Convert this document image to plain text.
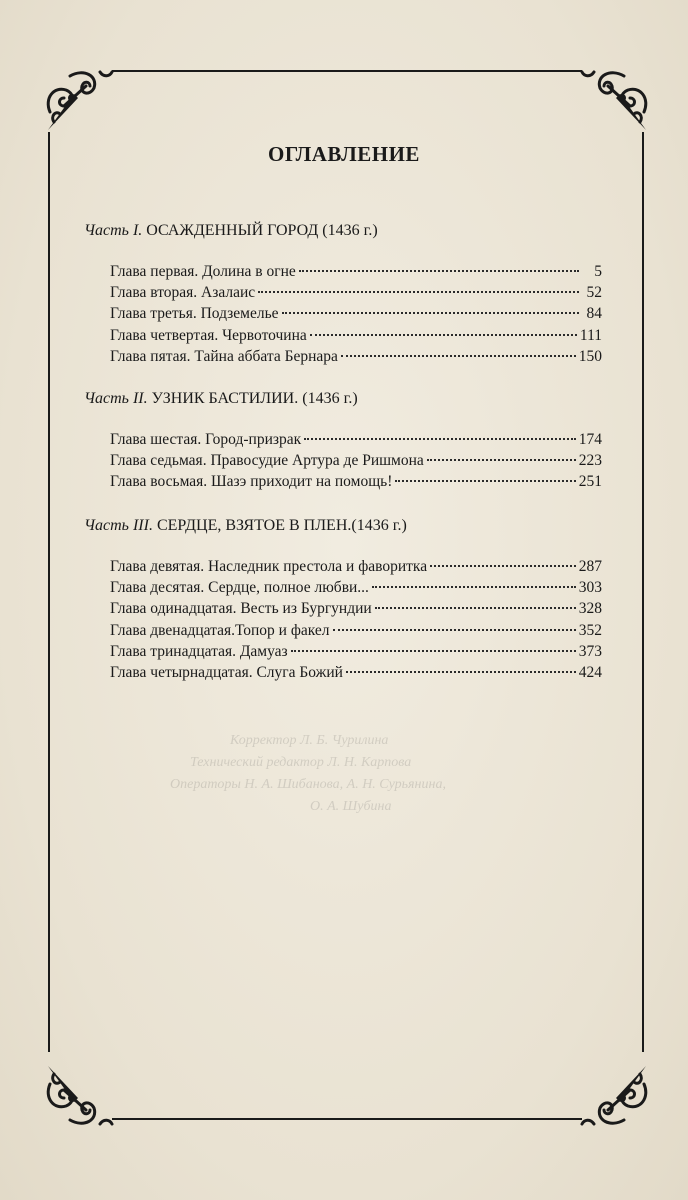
ОГЛАВЛЕНИЕ
Часть I. ОСАЖДЕННЫЙ ГОРОД (1436 г.)
Глава первая. Долина в огне	5
Глава вторая. Азалаис	52
Глава третья. Подземелье	84
Глава четвертая. Червоточина	111
Глава пятая. Тайна аббата Бернара	150
Часть II. УЗНИК БАСТИЛИИ. (1436 г.)
Глава шестая. Город-призрак	174
Глава седьмая. Правосудие Артура де Ришмона	223
Глава восьмая. Шазэ приходит на помощь!	251
Часть III. СЕРДЦЕ, ВЗЯТОЕ В ПЛЕН.(1436 г.)
Глава девятая. Наследник престола и фаворитка	287
Глава десятая. Сердце, полное любви...	303
Глава одинадцатая. Весть из Бургундии	328
Глава двенадцатая.Топор и факел	352
Глава тринадцатая. Дамуаз	373
Глава четырнадцатая. Слуга Божий	424
Корректор Л. Б. Чурилина
Технический редактор Л. Н. Карпова
Операторы Н. А. Шибанова, А. Н. Сурьянина,
О. А. Шубина
